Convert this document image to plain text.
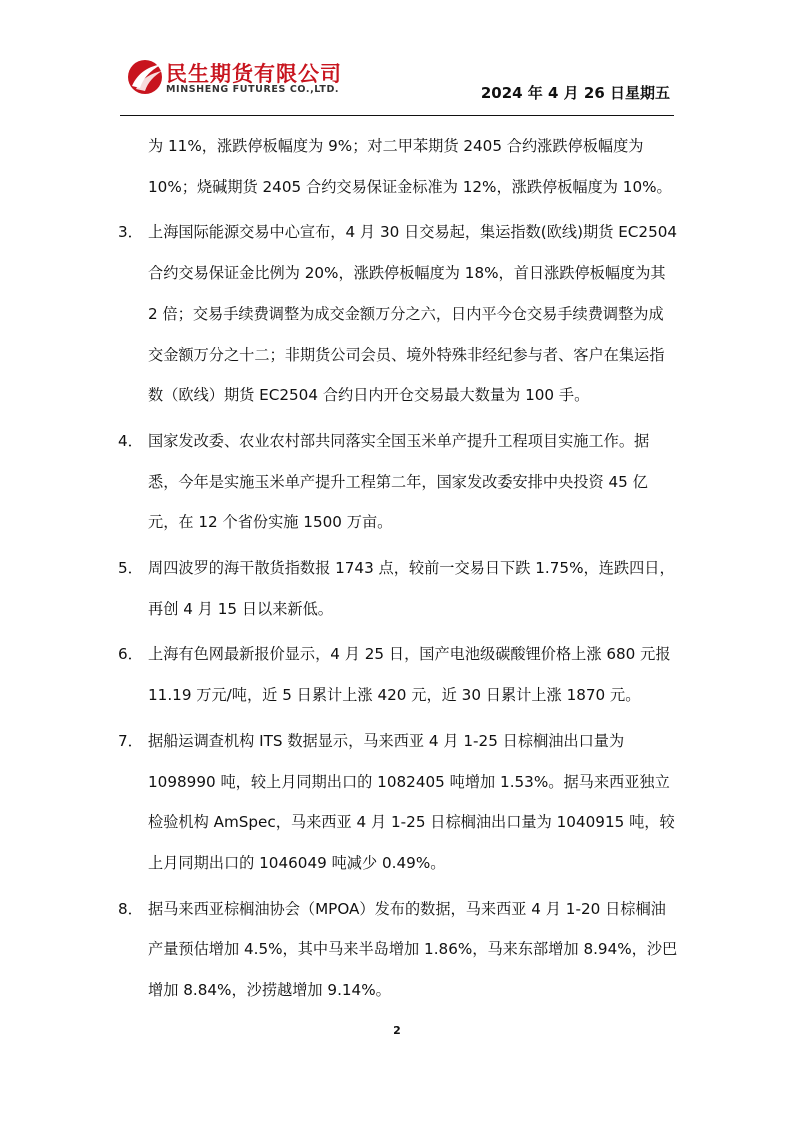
民生期货有限公司
MINSHENG FUTURES CO.,LTD.	2024 年 4 月 26 日星期五

为 11%，涨跌停板幅度为 9%；对二甲苯期货 2405 合约涨跌停板幅度为 10%；烧碱期货 2405 合约交易保证金标准为 12%，涨跌停板幅度为 10%。

3． 上海国际能源交易中心宣布，4 月 30 日交易起，集运指数(欧线)期货 EC2504 合约交易保证金比例为 20%，涨跌停板幅度为 18%，首日涨跌停板幅度为其 2 倍；交易手续费调整为成交金额万分之六，日内平今仓交易手续费调整为成交金额万分之十二；非期货公司会员、境外特殊非经纪参与者、客户在集运指数（欧线）期货 EC2504 合约日内开仓交易最大数量为 100 手。

4． 国家发改委、农业农村部共同落实全国玉米单产提升工程项目实施工作。据悉，今年是实施玉米单产提升工程第二年，国家发改委安排中央投资 45 亿元，在 12 个省份实施 1500 万亩。

5． 周四波罗的海干散货指数报 1743 点，较前一交易日下跌 1.75%，连跌四日，再创 4 月 15 日以来新低。

6． 上海有色网最新报价显示，4 月 25 日，国产电池级碳酸锂价格上涨 680 元报 11.19 万元/吨，近 5 日累计上涨 420 元，近 30 日累计上涨 1870 元。

7． 据船运调查机构 ITS 数据显示，马来西亚 4 月 1-25 日棕榈油出口量为 1098990 吨，较上月同期出口的 1082405 吨增加 1.53%。据马来西亚独立检验机构 AmSpec，马来西亚 4 月 1-25 日棕榈油出口量为 1040915 吨，较上月同期出口的 1046049 吨减少 0.49%。

8． 据马来西亚棕榈油协会（MPOA）发布的数据，马来西亚 4 月 1-20 日棕榈油产量预估增加 4.5%，其中马来半岛增加 1.86%，马来东部增加 8.94%，沙巴增加 8.84%，沙捞越增加 9.14%。

2
